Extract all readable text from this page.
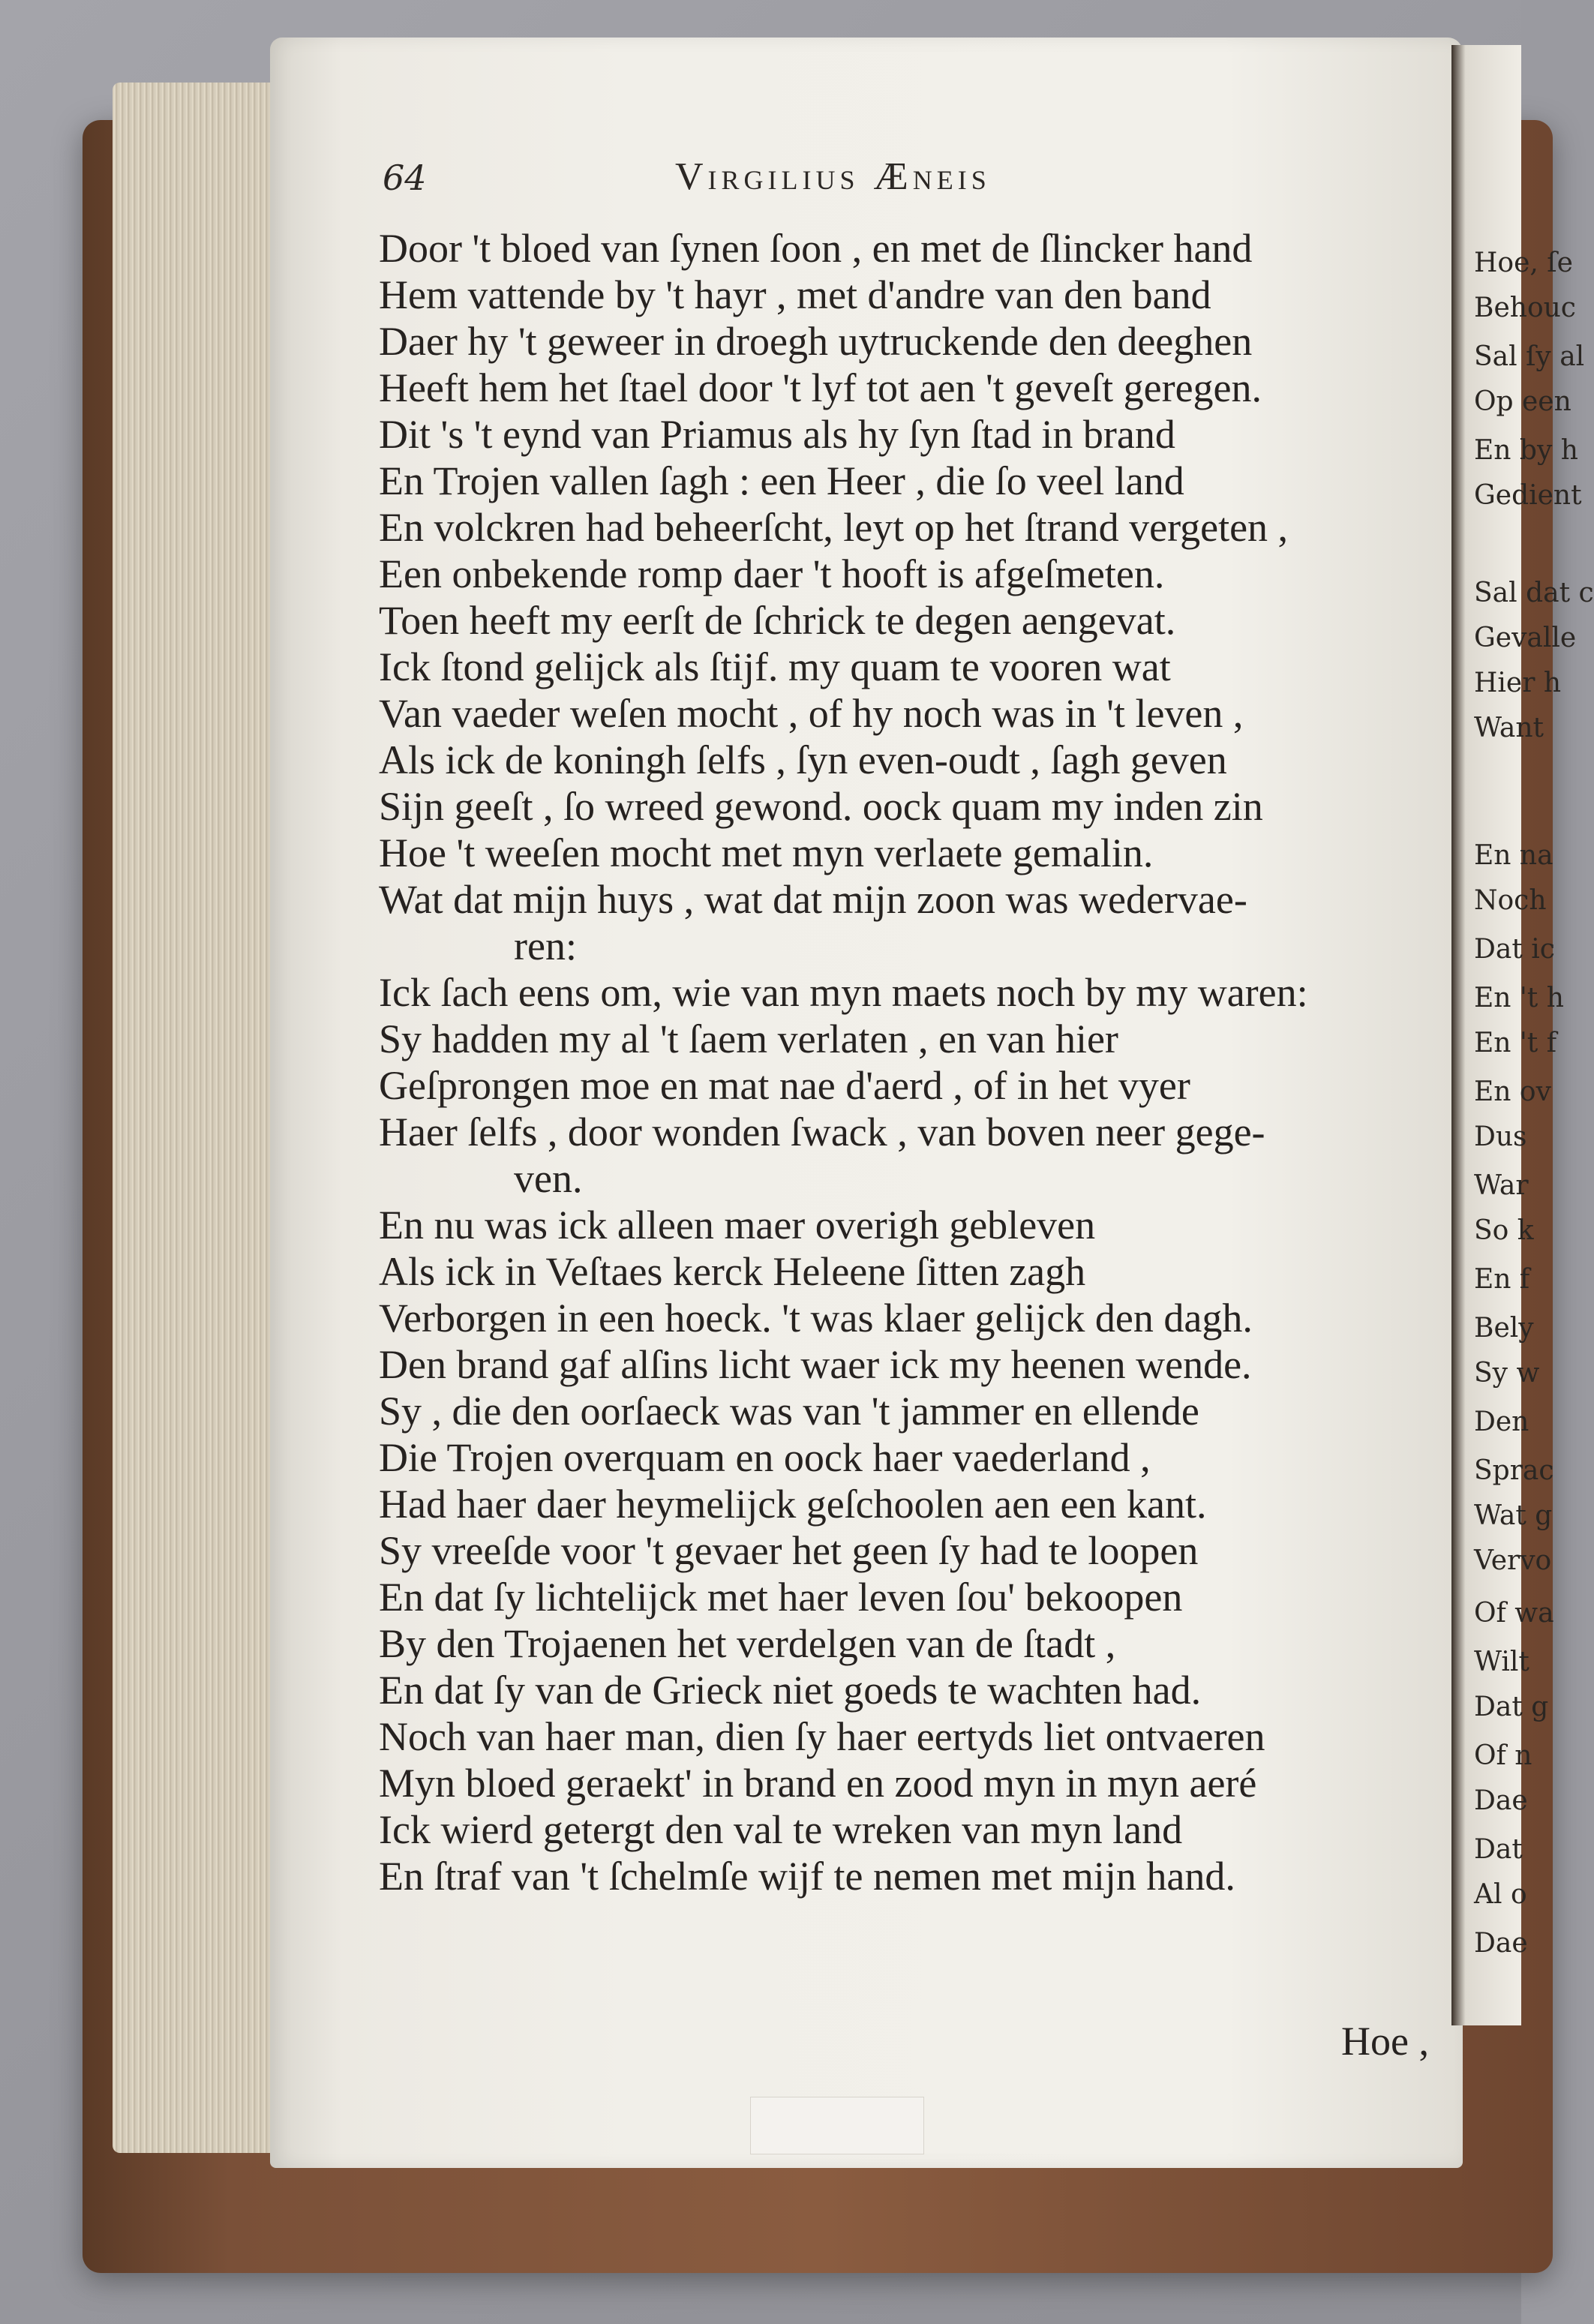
Hoe, ſe
Behouc
Sal ſy al
Op een
En by h
Gedient
Sal dat c
Gevalle
Hier h
Want
En na
Noch
Dat ic
En 't h
En 't f
En ov
Dus
War
So k
En f
Bely
Sy w
Den
Sprac
Wat g
Vervo
Of wa
Wilt
Dat g
Of n
Dae
Dat
Al o
Dae
64	Virgilius Æneis
Door 't bloed van ſynen ſoon , en met de ſlincker hand
Hem vattende by 't hayr , met d'andre van den band
Daer hy 't geweer in droegh uytruckende den deeghen
Heeft hem het ſtael door 't lyf tot aen 't geveſt geregen.
Dit 's 't eynd van Priamus als hy ſyn ſtad in brand
En Trojen vallen ſagh : een Heer , die ſo veel land
En volckren had beheerſcht, leyt op het ſtrand vergeten ,
Een onbekende romp daer 't hooft is afgeſmeten.
Toen heeft my eerſt de ſchrick te degen aengevat.
Ick ſtond gelijck als ſtijf. my quam te vooren wat
Van vaeder weſen mocht , of hy noch was in 't leven ,
Als ick de koningh ſelfs , ſyn even-oudt , ſagh geven
Sijn geeſt , ſo wreed gewond. oock quam my inden zin
Hoe 't weeſen mocht met myn verlaete gemalin.
Wat dat mijn huys , wat dat mijn zoon was wedervae-
ren:
Ick ſach eens om, wie van myn maets noch by my waren:
Sy hadden my al 't ſaem verlaten , en van hier
Geſprongen moe en mat nae d'aerd , of in het vyer
Haer ſelfs , door wonden ſwack , van boven neer gege-
ven.
En nu was ick alleen maer overigh gebleven
Als ick in Veſtaes kerck Heleene ſitten zagh
Verborgen in een hoeck. 't was klaer gelijck den dagh.
Den brand gaf alſins licht waer ick my heenen wende.
Sy , die den oorſaeck was van 't jammer en ellende
Die Trojen overquam en oock haer vaederland ,
Had haer daer heymelijck geſchoolen aen een kant.
Sy vreeſde voor 't gevaer het geen ſy had te loopen
En dat ſy lichtelijck met haer leven ſou' bekoopen
By den Trojaenen het verdelgen van de ſtadt ,
En dat ſy van de Grieck niet goeds te wachten had.
Noch van haer man, dien ſy haer eertyds liet ontvaeren
Myn bloed geraekt' in brand en zood myn in myn aeré
Ick wierd getergt den val te wreken van myn land
En ſtraf van 't ſchelmſe wijf te nemen met mijn hand.
Hoe ,
